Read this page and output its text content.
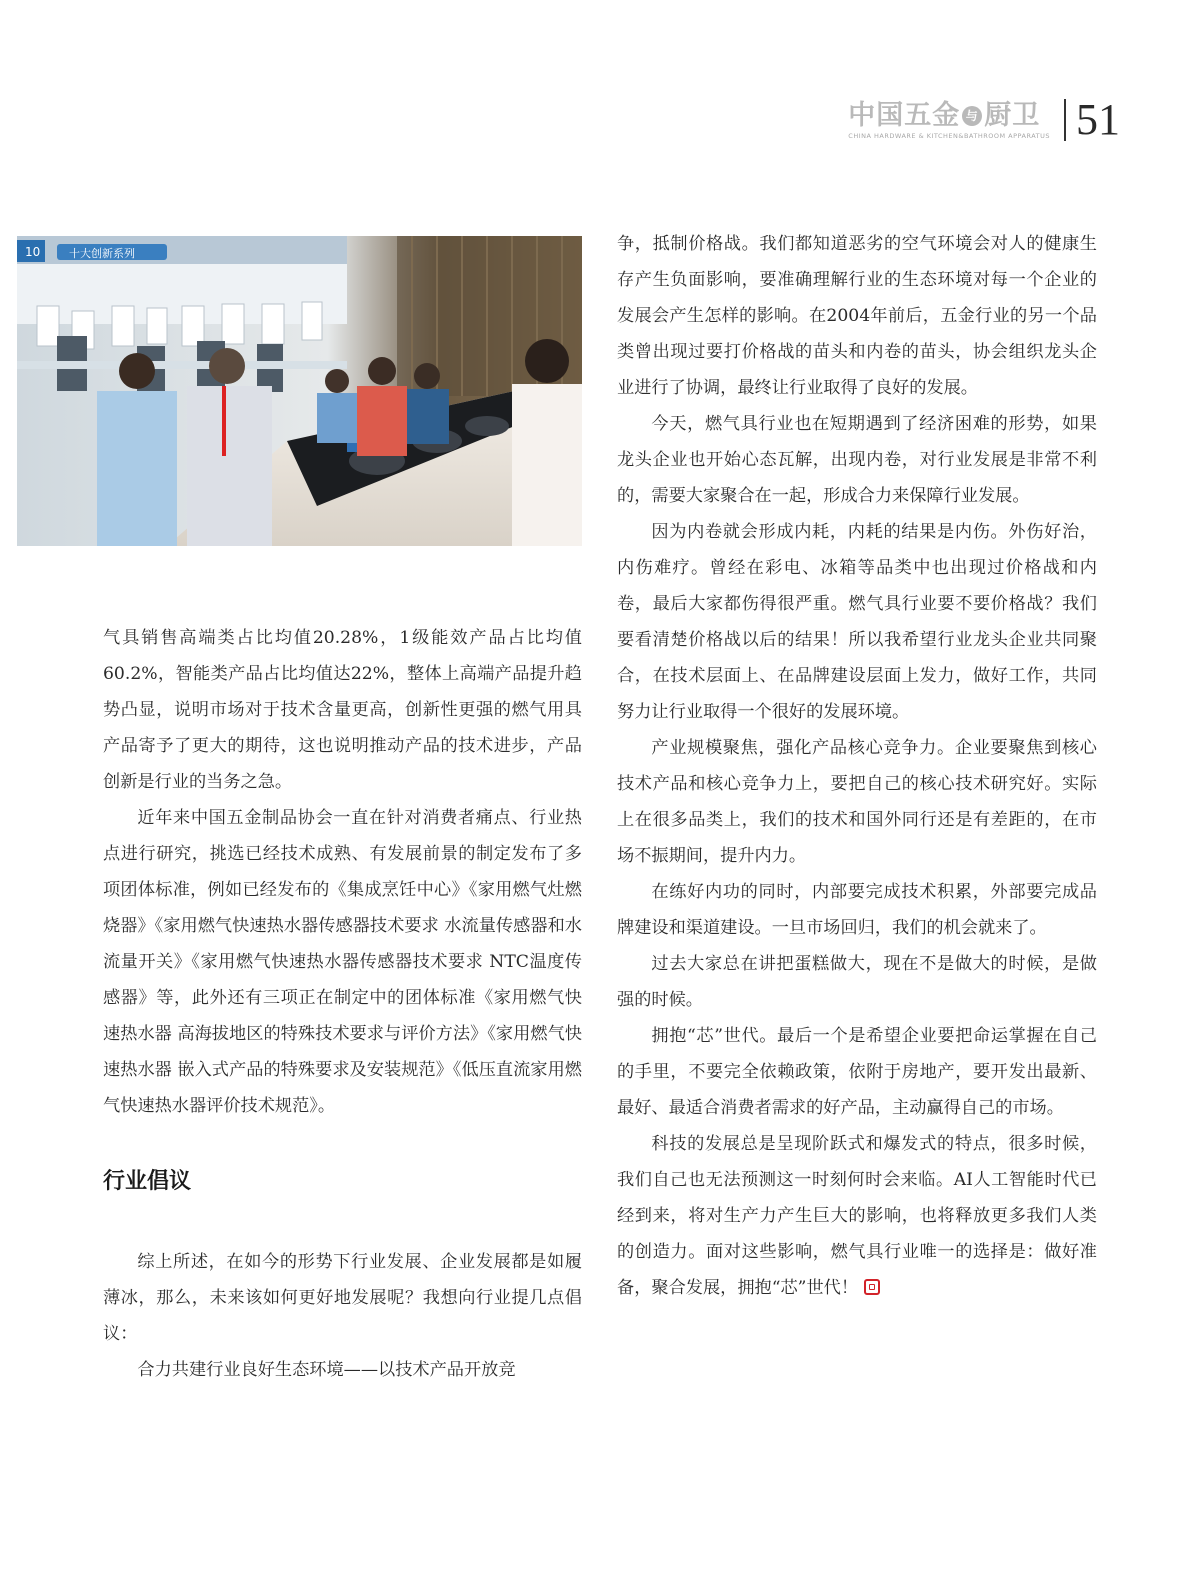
中国五金 与 厨卫
CHINA HARDWARE & KITCHEN&BATHROOM APPARATUS 51
10	十大创新系列

气具销售高端类占比均值20.28%，1级能效产品占比均值60.2%，智能类产品占比均值达22%，整体上高端产品提升趋势凸显，说明市场对于技术含量更高，创新性更强的燃气用具产品寄予了更大的期待，这也说明推动产品的技术进步，产品创新是行业的当务之急。

近年来中国五金制品协会一直在针对消费者痛点、行业热点进行研究，挑选已经技术成熟、有发展前景的制定发布了多项团体标准，例如已经发布的《集成烹饪中心》《家用燃气灶燃烧器》《家用燃气快速热水器传感器技术要求 水流量传感器和水流量开关》《家用燃气快速热水器传感器技术要求 NTC温度传感器》等，此外还有三项正在制定中的团体标准《家用燃气快速热水器 高海拔地区的特殊技术要求与评价方法》《家用燃气快速热水器 嵌入式产品的特殊要求及安装规范》《低压直流家用燃气快速热水器评价技术规范》。

行业倡议

综上所述，在如今的形势下行业发展、企业发展都是如履薄冰，那么，未来该如何更好地发展呢？我想向行业提几点倡议：

合力共建行业良好生态环境——以技术产品开放竞

争，抵制价格战。我们都知道恶劣的空气环境会对人的健康生存产生负面影响，要准确理解行业的生态环境对每一个企业的发展会产生怎样的影响。在2004年前后，五金行业的另一个品类曾出现过要打价格战的苗头和内卷的苗头，协会组织龙头企业进行了协调，最终让行业取得了良好的发展。

今天，燃气具行业也在短期遇到了经济困难的形势，如果龙头企业也开始心态瓦解，出现内卷，对行业发展是非常不利的，需要大家聚合在一起，形成合力来保障行业发展。

因为内卷就会形成内耗，内耗的结果是内伤。外伤好治，内伤难疗。曾经在彩电、冰箱等品类中也出现过价格战和内卷，最后大家都伤得很严重。燃气具行业要不要价格战？我们要看清楚价格战以后的结果！所以我希望行业龙头企业共同聚合，在技术层面上、在品牌建设层面上发力，做好工作，共同努力让行业取得一个很好的发展环境。

产业规模聚焦，强化产品核心竞争力。企业要聚焦到核心技术产品和核心竞争力上，要把自己的核心技术研究好。实际上在很多品类上，我们的技术和国外同行还是有差距的，在市场不振期间，提升内力。

在练好内功的同时，内部要完成技术积累，外部要完成品牌建设和渠道建设。一旦市场回归，我们的机会就来了。

过去大家总在讲把蛋糕做大，现在不是做大的时候，是做强的时候。

拥抱“芯”世代。最后一个是希望企业要把命运掌握在自己的手里，不要完全依赖政策，依附于房地产，要开发出最新、最好、最适合消费者需求的好产品，主动赢得自己的市场。

科技的发展总是呈现阶跃式和爆发式的特点，很多时候，我们自己也无法预测这一时刻何时会来临。AI人工智能时代已经到来，将对生产力产生巨大的影响，也将释放更多我们人类的创造力。面对这些影响，燃气具行业唯一的选择是：做好准备，聚合发展，拥抱“芯”世代！
